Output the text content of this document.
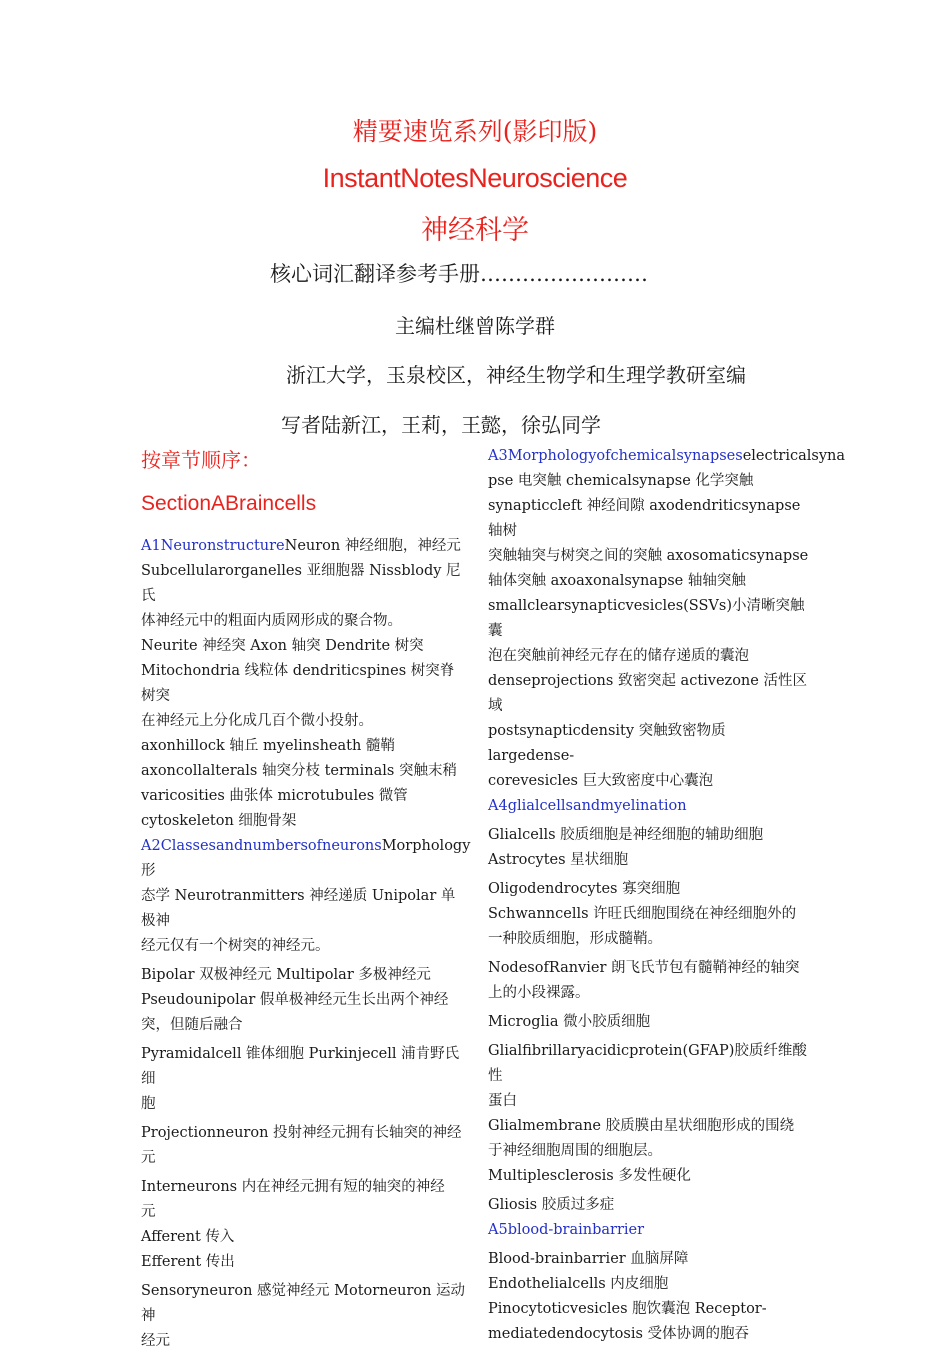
精要速览系列(影印版)
InstantNotesNeuroscience
神经科学
核心词汇翻译参考手册……………………
主编杜继曾陈学群
浙江大学，玉泉校区，神经生物学和生理学教研室编
写者陆新江，王莉，王懿，徐弘同学
按章节顺序：
SectionABraincells

A1NeuronstructureNeuron 神经细胞，神经元

Subcellularorganelles 亚细胞器 Nissblody 尼氏

体神经元中的粗面内质网形成的聚合物。

Neurite 神经突 Axon 轴突 Dendrite 树突

Mitochondria 线粒体 dendriticspines 树突脊树突

在神经元上分化成几百个微小投射。

axonhillock 轴丘 myelinsheath 髓鞘

axoncollalterals 轴突分枝 terminals 突触末稍

varicosities 曲张体 microtubules 微管

cytoskeleton 细胞骨架

A2ClassesandnumbersofneuronsMorphology 形

态学 Neurotranmitters 神经递质 Unipolar 单极神

经元仅有一个树突的神经元。

Bipolar 双极神经元 Multipolar 多极神经元

Pseudounipolar 假单极神经元生长出两个神经

突，但随后融合

Pyramidalcell 锥体细胞 Purkinjecell 浦肯野氏细

胞

Projectionneuron 投射神经元拥有长轴突的神经

元

Interneurons 内在神经元拥有短的轴突的神经

元

Afferent 传入

Efferent 传出

Sensoryneuron 感觉神经元 Motorneuron 运动神

经元

A3Morphologyofchemicalsynapseselectricalsyna

pse 电突触 chemicalsynapse 化学突触

synapticcleft 神经间隙 axodendriticsynapse 轴树

突触轴突与树突之间的突触 axosomaticsynapse

轴体突触 axoaxonalsynapse 轴轴突触

smallclearsynapticvesicles(SSVs)小清晰突触囊

泡在突触前神经元存在的储存递质的囊泡

denseprojections 致密突起 activezone 活性区域

postsynapticdensity 突触致密物质 largedense-

corevesicles 巨大致密度中心囊泡

A4glialcellsandmyelination

Glialcells 胶质细胞是神经细胞的辅助细胞

Astrocytes 星状细胞

Oligodendrocytes 寡突细胞

Schwanncells 许旺氏细胞围绕在神经细胞外的

一种胶质细胞，形成髓鞘。

NodesofRanvier 朗飞氏节包有髓鞘神经的轴突

上的小段裸露。

Microglia 微小胶质细胞

Glialfibrillaryacidicprotein(GFAP)胶质纤维酸性

蛋白

Glialmembrane 胶质膜由星状细胞形成的围绕

于神经细胞周围的细胞层。

Multiplesclerosis 多发性硬化

Gliosis 胶质过多症

A5blood-brainbarrier

Blood-brainbarrier 血脑屏障

Endothelialcells 内皮细胞

Pinocytoticvesicles 胞饮囊泡 Receptor-

mediatedendocytosis 受体协调的胞吞
